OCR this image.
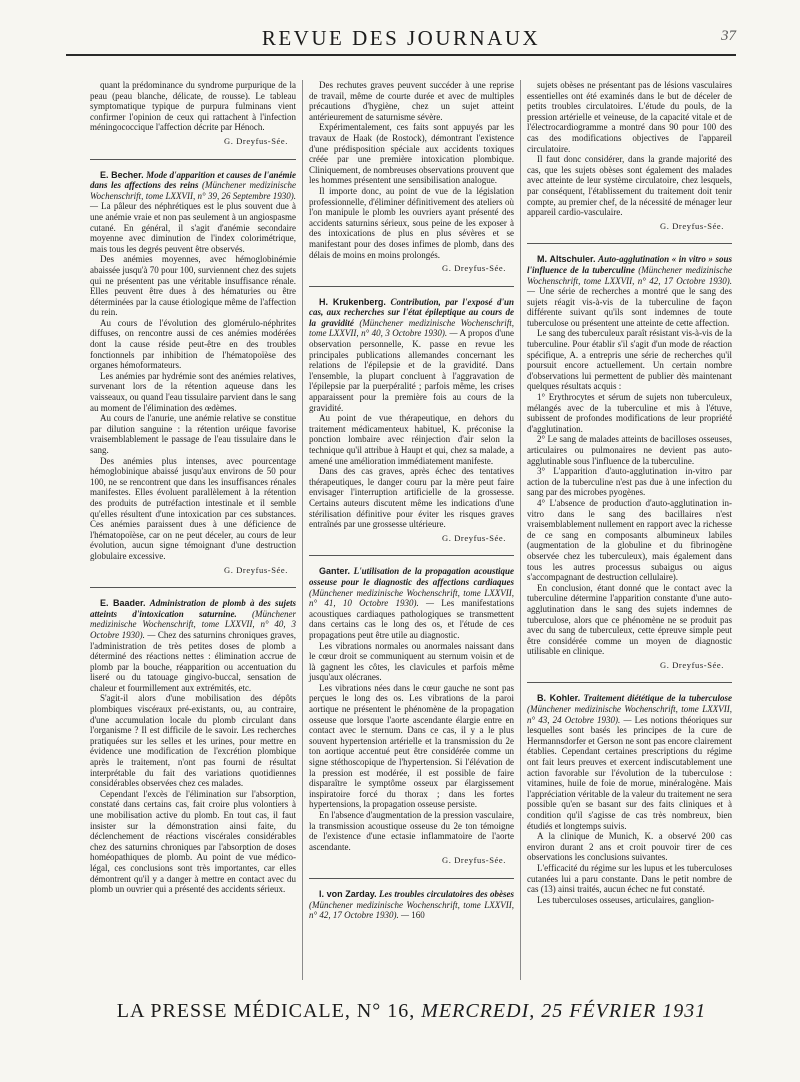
REVUE DES JOURNAUX	37

quant la prédominance du syndrome purpurique de la peau (peau blanche, délicate, de rousse). Le tableau symptomatique typique de purpura fulminans vient confirmer l'opinion de ceux qui rattachent à l'infection méningococcique l'affection décrite par Hénoch.

G. Dreyfus-Sée.

E. Becher. Mode d'apparition et causes de l'anémie dans les affections des reins (Münchener medizinische Wochenschrift, tome LXXVII, n° 39, 26 Septembre 1930). — La pâleur des néphrétiques est le plus souvent due à une anémie vraie et non pas seulement à un angiospasme cutané. En général, il s'agit d'anémie secondaire moyenne avec diminution de l'index colorimétrique, mais tous les degrés peuvent être observés.

Des anémies moyennes, avec hémoglobinémie abaissée jusqu'à 70 pour 100, surviennent chez des sujets qui ne présentent pas une véritable insuffisance rénale. Elles peuvent être dues à des hématuries ou être déterminées par la cause étiologique même de l'affection du rein.

Au cours de l'évolution des glomérulo-néphrites diffuses, on rencontre aussi de ces anémies modérées dont la cause réside peut-être en des troubles fonctionnels par inhibition de l'hématopoïèse des organes hémoformateurs.

Les anémies par hydrémie sont des anémies relatives, survenant lors de la rétention aqueuse dans les vaisseaux, ou quand l'eau tissulaire parvient dans le sang au moment de l'élimination des œdèmes.

Au cours de l'anurie, une anémie relative se constitue par dilution sanguine : la rétention uréique favorise vraisemblablement le passage de l'eau tissulaire dans le sang.

Des anémies plus intenses, avec pourcentage hémoglobinique abaissé jusqu'aux environs de 50 pour 100, ne se rencontrent que dans les insuffisances rénales manifestes. Elles évoluent parallèlement à la rétention des produits de putréfaction intestinale et il semble qu'elles résultent d'une intoxication par ces substances. Ces anémies paraissent dues à une déficience de l'hématopoïèse, car on ne peut déceler, au cours de leur évolution, aucun signe témoignant d'une destruction globulaire excessive.

G. Dreyfus-Sée.

E. Baader. Administration de plomb à des sujets atteints d'intoxication saturnine. (Münchener medizinische Wochenschrift, tome LXXVII, n° 40, 3 Octobre 1930). — Chez des saturnins chroniques graves, l'administration de très petites doses de plomb a déterminé des réactions nettes : élimination accrue de plomb par la bouche, réapparition ou accentuation du liseré ou du tatouage gingivo-buccal, sensation de chaleur et fourmillement aux extrémités, etc.

S'agit-il alors d'une mobilisation des dépôts plombiques viscéraux pré-existants, ou, au contraire, d'une accumulation locale du plomb circulant dans l'organisme ? Il est difficile de le savoir. Les recherches pratiquées sur les selles et les urines, pour mettre en évidence une modification de l'excrétion plombique après le traitement, n'ont pas fourni de résultat interprétable du fait des variations quotidiennes considérables observées chez ces malades.

Cependant l'excès de l'élimination sur l'absorption, constaté dans certains cas, fait croire plus volontiers à une mobilisation active du plomb. En tout cas, il faut insister sur la démonstration ainsi faite, du déclenchement de réactions viscérales considérables chez des saturnins chroniques par l'absorption de doses homéopathiques de plomb. Au point de vue médico-légal, ces conclusions sont très importantes, car elles démontrent qu'il y a danger à mettre en contact avec du plomb un ouvrier qui a présenté des accidents sérieux.

Des rechutes graves peuvent succéder à une reprise de travail, même de courte durée et avec de multiples précautions d'hygiène, chez un sujet atteint antérieurement de saturnisme sévère.

Expérimentalement, ces faits sont appuyés par les travaux de Haak (de Rostock), démontrant l'existence d'une prédisposition spéciale aux accidents toxiques créée par une première intoxication plombique. Cliniquement, de nombreuses observations prouvent que les hommes présentent une sensibilisation analogue.

Il importe donc, au point de vue de la législation professionnelle, d'éliminer définitivement des ateliers où l'on manipule le plomb les ouvriers ayant présenté des accidents saturnins sérieux, sous peine de les exposer à des intoxications de plus en plus sévères et se manifestant pour des doses infimes de plomb, dans des délais de moins en moins prolongés.

G. Dreyfus-Sée.

H. Krukenberg. Contribution, par l'exposé d'un cas, aux recherches sur l'état épileptique au cours de la gravidité (Münchener medizinische Wochenschrift, tome LXXVII, n° 40, 3 Octobre 1930). — A propos d'une observation personnelle, K. passe en revue les principales publications allemandes concernant les relations de l'épilepsie et de la gravidité. Dans l'ensemble, la plupart concluent à l'aggravation de l'épilepsie par la puerpéralité ; parfois même, les crises apparaissent pour la première fois au cours de la gravidité.

Au point de vue thérapeutique, en dehors du traitement médicamenteux habituel, K. préconise la ponction lombaire avec réinjection d'air selon la technique qu'il attribue à Haupt et qui, chez sa malade, a amené une amélioration immédiatement manifeste.

Dans des cas graves, après échec des tentatives thérapeutiques, le danger couru par la mère peut faire envisager l'interruption artificielle de la grossesse. Certains auteurs discutent même les indications d'une stérilisation définitive pour éviter les risques graves entraînés par une grossesse ultérieure.

G. Dreyfus-Sée.

Ganter. L'utilisation de la propagation acoustique osseuse pour le diagnostic des affections cardiaques (Münchener medizinische Wochenschrift, tome LXXVII, n° 41, 10 Octobre 1930). — Les manifestations acoustiques cardiaques pathologiques se transmettent dans certains cas le long des os, et l'étude de ces propagations peut être utile au diagnostic.

Les vibrations normales ou anormales naissant dans le cœur droit se communiquent au sternum voisin et de là gagnent les côtes, les clavicules et parfois même jusqu'aux olécranes.

Les vibrations nées dans le cœur gauche ne sont pas perçues le long des os. Les vibrations de la paroi aortique ne présentent le phénomène de la propagation osseuse que lorsque l'aorte ascendante élargie entre en contact avec le sternum. Dans ce cas, il y a le plus souvent hypertension artérielle et la transmission du 2e ton aortique accentué peut être considérée comme un signe stéthoscopique de l'hypertension. Si l'élévation de la pression est modérée, il est possible de faire disparaître le symptôme osseux par élargissement inspiratoire forcé du thorax ; dans les fortes hypertensions, la propagation osseuse persiste.

En l'absence d'augmentation de la pression vasculaire, la transmission acoustique osseuse du 2e ton témoigne de l'existence d'une ectasie inflammatoire de l'aorte ascendante.

G. Dreyfus-Sée.

I. von Zarday. Les troubles circulatoires des obèses (Münchener medizinische Wochenschrift, tome LXXVII, n° 42, 17 Octobre 1930). — 160

sujets obèses ne présentant pas de lésions vasculaires essentielles ont été examinés dans le but de déceler de petits troubles circulatoires. L'étude du pouls, de la pression artérielle et veineuse, de la capacité vitale et de l'électrocardiogramme a montré dans 90 pour 100 des cas des modifications objectives de l'appareil circulatoire.

Il faut donc considérer, dans la grande majorité des cas, que les sujets obèses sont également des malades avec atteinte de leur système circulatoire, chez lesquels, par conséquent, l'établissement du traitement doit tenir compte, au premier chef, de la nécessité de ménager leur appareil cardio-vasculaire.

G. Dreyfus-Sée.

M. Altschuler. Auto-agglutination « in vitro » sous l'influence de la tuberculine (Münchener medizinische Wochenschrift, tome LXXVII, n° 42, 17 Octobre 1930). — Une série de recherches a montré que le sang des sujets réagit vis-à-vis de la tuberculine de façon différente suivant qu'ils sont indemnes de toute tuberculose ou présentent une atteinte de cette affection.

Le sang des tuberculeux paraît résistant vis-à-vis de la tuberculine. Pour établir s'il s'agit d'un mode de réaction spécifique, A. a entrepris une série de recherches qu'il poursuit encore actuellement. Un certain nombre d'observations lui permettent de publier dès maintenant quelques résultats acquis :

1° Erythrocytes et sérum de sujets non tuberculeux, mélangés avec de la tuberculine et mis à l'étuve, subissent de profondes modifications de leur propriété d'agglutination.

2° Le sang de malades atteints de bacilloses osseuses, articulaires ou pulmonaires ne devient pas auto-agglutinable sous l'influence de la tuberculine.

3° L'apparition d'auto-agglutination in-vitro par action de la tuberculine n'est pas due à une infection du sang par des microbes pyogènes.

4° L'absence de production d'auto-agglutination in-vitro dans le sang des bacillaires n'est vraisemblablement nullement en rapport avec la richesse de ce sang en composants albumineux labiles (augmentation de la globuline et du fibrinogène observée chez les tuberculeux), mais également dans tous les autres processus subaigus ou aigus s'accompagnant de destruction cellulaire).

En conclusion, étant donné que le contact avec la tuberculine détermine l'apparition constante d'une auto-agglutination dans le sang des sujets indemnes de tuberculose, alors que ce phénomène ne se produit pas avec du sang de tuberculeux, cette épreuve simple peut être considérée comme un moyen de diagnostic utilisable en clinique.

G. Dreyfus-Sée.

B. Kohler. Traitement diététique de la tuberculose (Münchener medizinische Wochenschrift, tome LXXVII, n° 43, 24 Octobre 1930). — Les notions théoriques sur lesquelles sont basés les principes de la cure de Hermannsdorfer et Gerson ne sont pas encore clairement établies. Cependant certaines prescriptions du régime ont fait leurs preuves et exercent indiscutablement une action favorable sur l'évolution de la tuberculose : vitamines, huile de foie de morue, minéralogène. Mais l'appréciation véritable de la valeur du traitement ne sera possible qu'en se basant sur des faits cliniques et à condition qu'il s'agisse de cas très nombreux, bien étudiés et longtemps suivis.

A la clinique de Munich, K. a observé 200 cas environ durant 2 ans et croit pouvoir tirer de ces observations les conclusions suivantes.

L'efficacité du régime sur les lupus et les tuberculoses cutanées lui a paru constante. Dans le petit nombre de cas (13) ainsi traités, aucun échec ne fut constaté.

Les tuberculoses osseuses, articulaires, ganglion-

LA PRESSE MÉDICALE, N° 16, MERCREDI, 25 FÉVRIER 1931
